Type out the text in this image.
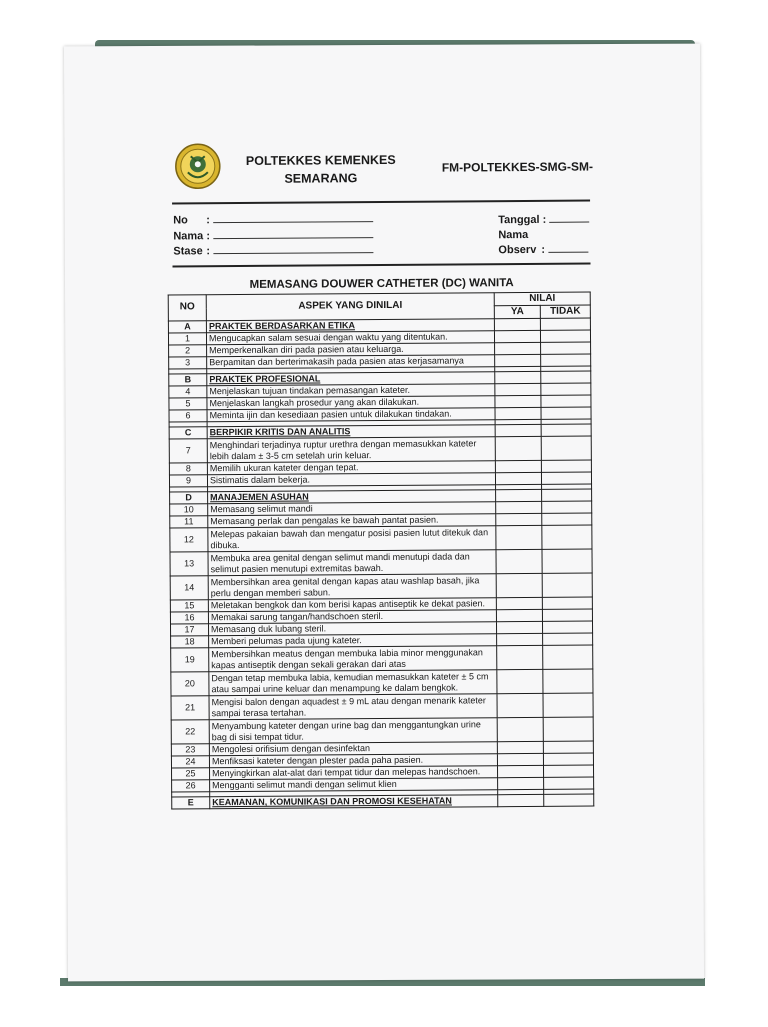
POLTEKKES KEMENKES
SEMARANG
FM-POLTEKKES-SMG-SM-
No :
Nama :
Stase :
Tanggal :
Nama
Observ :
MEMASANG DOUWER CATHETER (DC) WANITA
NO	ASPEK YANG DINILAI	NILAI	
		YA	TIDAK
A	PRAKTEK BERDASARKAN ETIKA		
1	Mengucapkan salam sesuai dengan waktu yang ditentukan.		
2	Memperkenalkan diri pada pasien atau keluarga.		
3	Berpamitan dan berterimakasih pada pasien atas kerjasamanya		

B	PRAKTEK PROFESIONAL		
4	Menjelaskan tujuan tindakan pemasangan kateter.		
5	Menjelaskan langkah prosedur yang akan dilakukan.		
6	Meminta ijin dan kesediaan pasien untuk dilakukan tindakan.		

C	BERPIKIR KRITIS DAN ANALITIS		
7	Menghindari terjadinya ruptur urethra dengan memasukkan kateter lebih dalam ± 3-5 cm setelah urin keluar.		
8	Memilih ukuran kateter dengan tepat.		
9	Sistimatis dalam bekerja.		

D	MANAJEMEN ASUHAN		
10	Memasang selimut mandi		
11	Memasang perlak dan pengalas ke bawah pantat pasien.		
12	Melepas pakaian bawah dan mengatur posisi pasien lutut ditekuk dan dibuka.		
13	Membuka area genital dengan selimut mandi menutupi dada dan selimut pasien menutupi extremitas bawah.		
14	Membersihkan area genital dengan kapas atau washlap basah, jika perlu dengan memberi sabun.		
15	Meletakan bengkok dan kom berisi kapas antiseptik ke dekat pasien.		
16	Memakai sarung tangan/handschoen steril.		
17	Memasang duk lubang steril.		
18	Memberi pelumas pada ujung kateter.		
19	Membersihkan meatus dengan membuka labia minor menggunakan kapas antiseptik dengan sekali gerakan dari atas		
20	Dengan tetap membuka labia, kemudian memasukkan kateter ± 5 cm atau sampai urine keluar dan menampung ke dalam bengkok.		
21	Mengisi balon dengan aquadest ± 9 mL atau dengan menarik kateter sampai terasa tertahan.		
22	Menyambung kateter dengan urine bag dan menggantungkan urine bag di sisi tempat tidur.		
23	Mengolesi orifisium dengan desinfektan		
24	Menfiksasi kateter dengan plester pada paha pasien.		
25	Menyingkirkan alat-alat dari tempat tidur dan melepas handschoen.		
26	Mengganti selimut mandi dengan selimut klien		

E	KEAMANAN, KOMUNIKASI DAN PROMOSI KESEHATAN		
